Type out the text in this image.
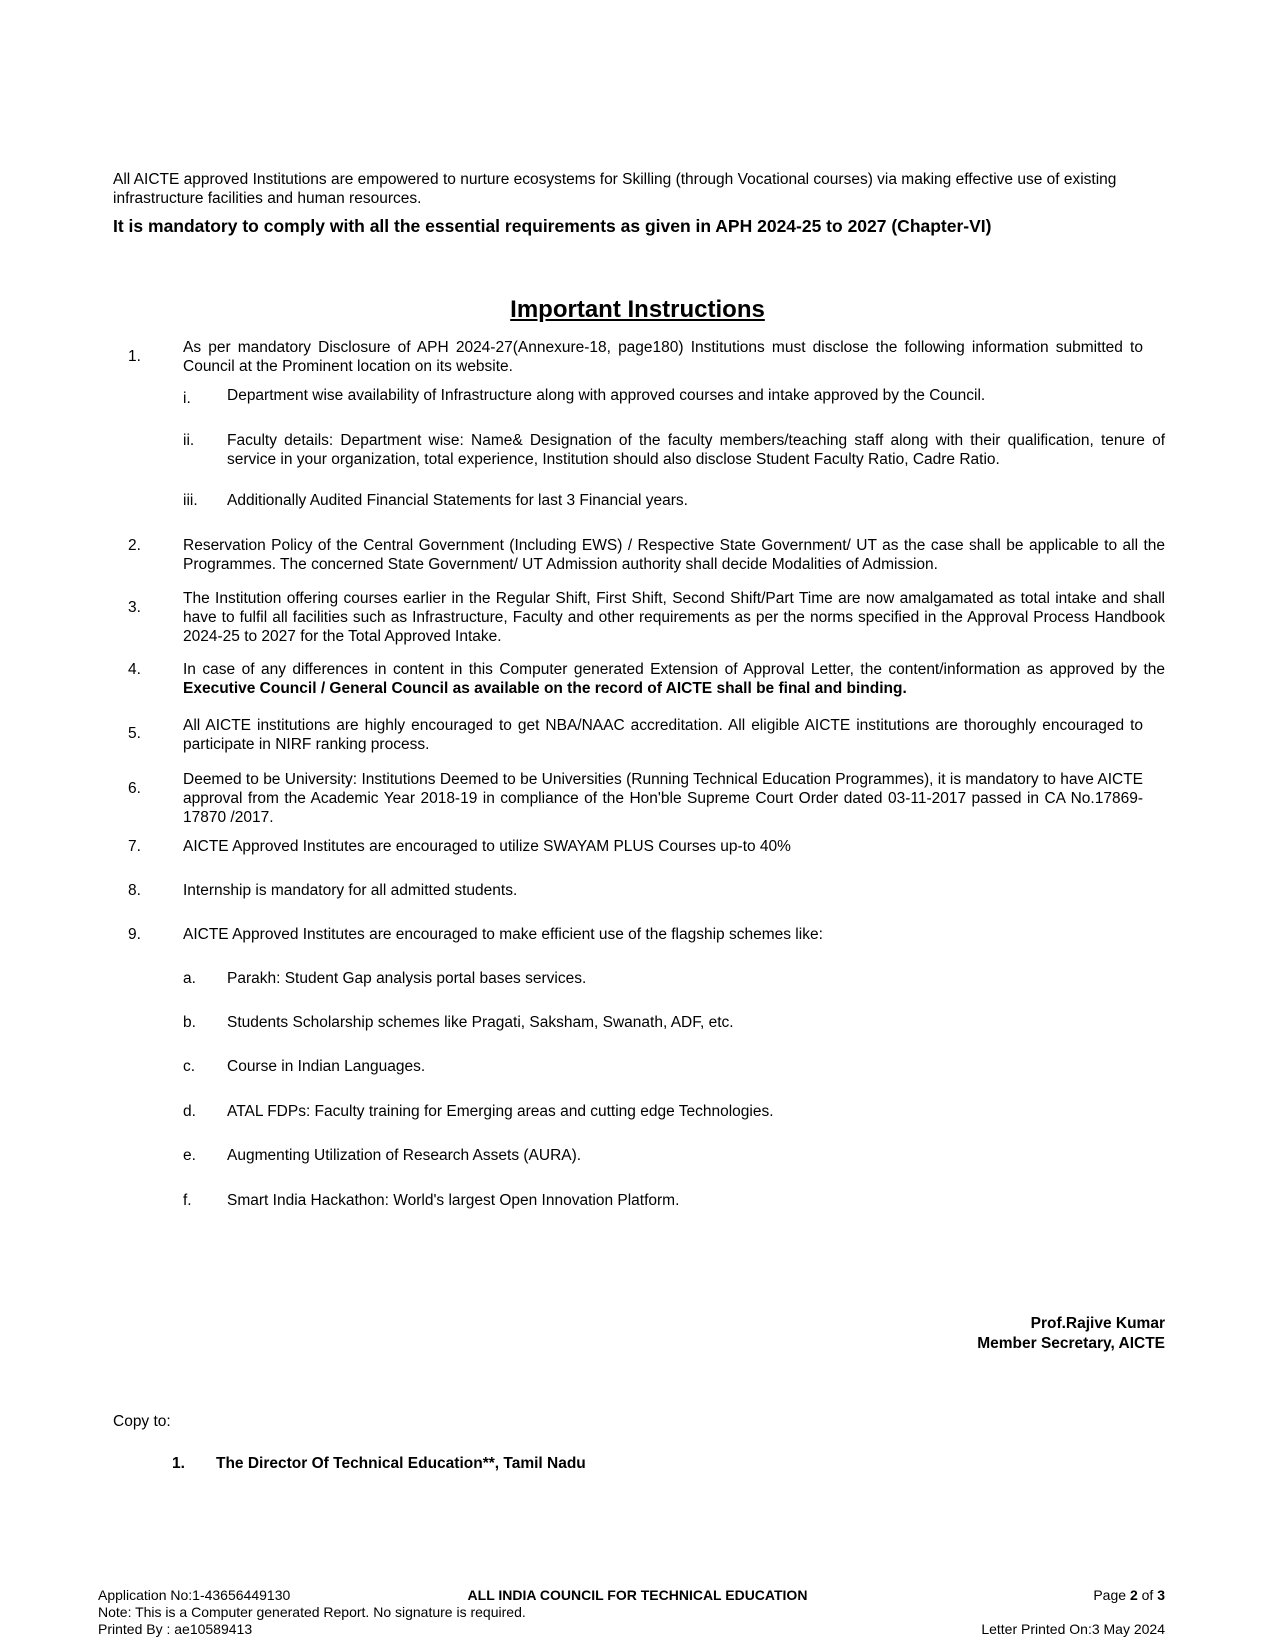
All AICTE approved Institutions are empowered to nurture ecosystems for Skilling (through Vocational courses) via making effective use of existing infrastructure facilities and human resources.
It is mandatory to comply with all the essential requirements as given in APH 2024-25 to 2027 (Chapter-VI)
Important Instructions
1.
As per mandatory Disclosure of APH 2024-27(Annexure-18, page180) Institutions must disclose the following information submitted to Council at the Prominent location on its website.
i.	Department wise availability of Infrastructure along with approved courses and intake approved by the Council.
ii.	Faculty details: Department wise: Name& Designation of the faculty members/teaching staff along with their qualification, tenure of service in your organization, total experience, Institution should also disclose Student Faculty Ratio, Cadre Ratio.
iii.	Additionally Audited Financial Statements for last 3 Financial years.
2.	Reservation Policy of the Central Government (Including EWS) / Respective State Government/ UT as the case shall be applicable to all the Programmes. The concerned State Government/ UT Admission authority shall decide Modalities of Admission.
3.
The Institution offering courses earlier in the Regular Shift, First Shift, Second Shift/Part Time are now amalgamated as total intake and shall have to fulfil all facilities such as Infrastructure, Faculty and other requirements as per the norms specified in the Approval Process Handbook 2024-25 to 2027 for the Total Approved Intake.
4.	In case of any differences in content in this Computer generated Extension of Approval Letter, the content/information as approved by the Executive Council / General Council as available on the record of AICTE shall be final and binding.
5.	All AICTE institutions are highly encouraged to get NBA/NAAC accreditation. All eligible AICTE institutions are thoroughly encouraged to participate in NIRF ranking process.
6.
Deemed to be University: Institutions Deemed to be Universities (Running Technical Education Programmes), it is mandatory to have AICTE approval from the Academic Year 2018-19 in compliance of the Hon'ble Supreme Court Order dated 03-11-2017 passed in CA No.17869- 17870 /2017.
7.	AICTE Approved Institutes are encouraged to utilize SWAYAM PLUS Courses up-to 40%
8.	Internship is mandatory for all admitted students.
9.	AICTE Approved Institutes are encouraged to make efficient use of the flagship schemes like:
a.	Parakh: Student Gap analysis portal bases services.
b.	Students Scholarship schemes like Pragati, Saksham, Swanath, ADF, etc.
c.	Course in Indian Languages.
d.	ATAL FDPs: Faculty training for Emerging areas and cutting edge Technologies.
e.	Augmenting Utilization of Research Assets (AURA).
f.	Smart India Hackathon: World's largest Open Innovation Platform.
Prof.Rajive Kumar
Member Secretary, AICTE
Copy to:
1. The Director Of Technical Education**, Tamil Nadu
Application No:1-43656449130	ALL INDIA COUNCIL FOR TECHNICAL EDUCATION	Page 2 of 3
Note: This is a Computer generated Report. No signature is required.
Printed By : ae10589413	Letter Printed On:3 May 2024
